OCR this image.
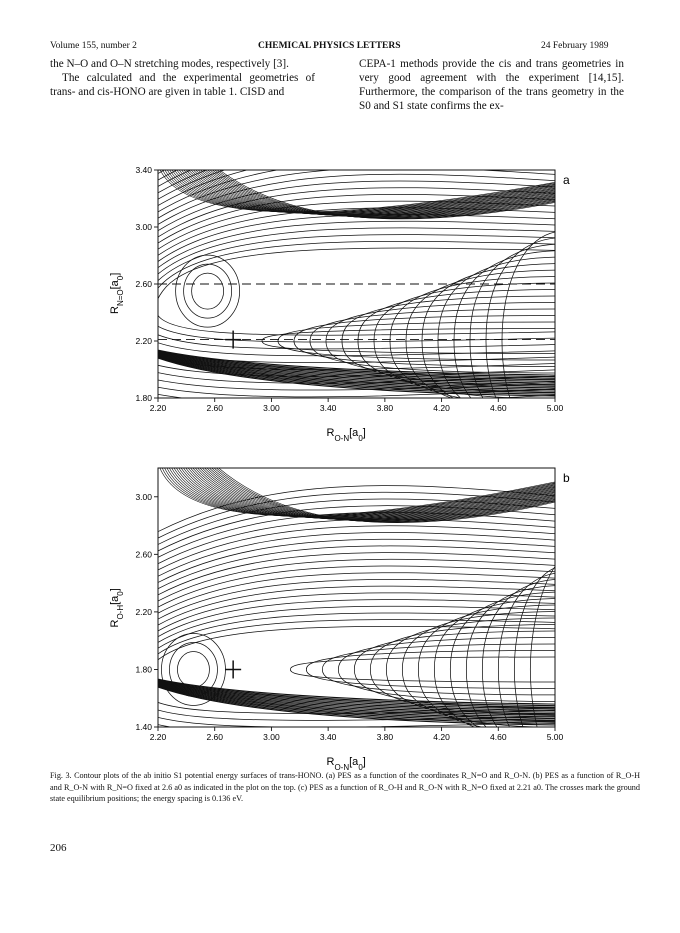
Volume 155, number 2	CHEMICAL PHYSICS LETTERS	24 February 1989

the N–O and O–N stretching modes, respectively [3].

The calculated and the experimental geometries of trans- and cis-HONO are given in table 1. CISD and

CEPA-1 methods provide the cis and trans geometries in very good agreement with the experiment [14,15]. Furthermore, the comparison of the trans geometry in the S0 and S1 state confirms the ex-

a
2.20	2.60	3.00	3.40	3.80	4.20	4.60	5.00
1.80
2.20
2.60
3.00
3.40
$R_{O-N}[a_0]$
$R_{N=O}[a_0]$
b
2.20	2.60	3.00	3.40	3.80	4.20	4.60	5.00
1.40
1.80
2.20
2.60
3.00
$R_{O-N}[a_0]$
$R_{O-H}[a_0]$
Fig. 3. Contour plots of the ab initio S1 potential energy surfaces of trans-HONO. (a) PES as a function of the coordinates R_N=O and R_O-N. (b) PES as a function of R_O-H and R_O-N with R_N=O fixed at 2.6 a0 as indicated in the plot on the top. (c) PES as a function of R_O-H and R_O-N with R_N=O fixed at 2.21 a0. The crosses mark the ground state equilibrium positions; the energy spacing is 0.136 eV.
206
